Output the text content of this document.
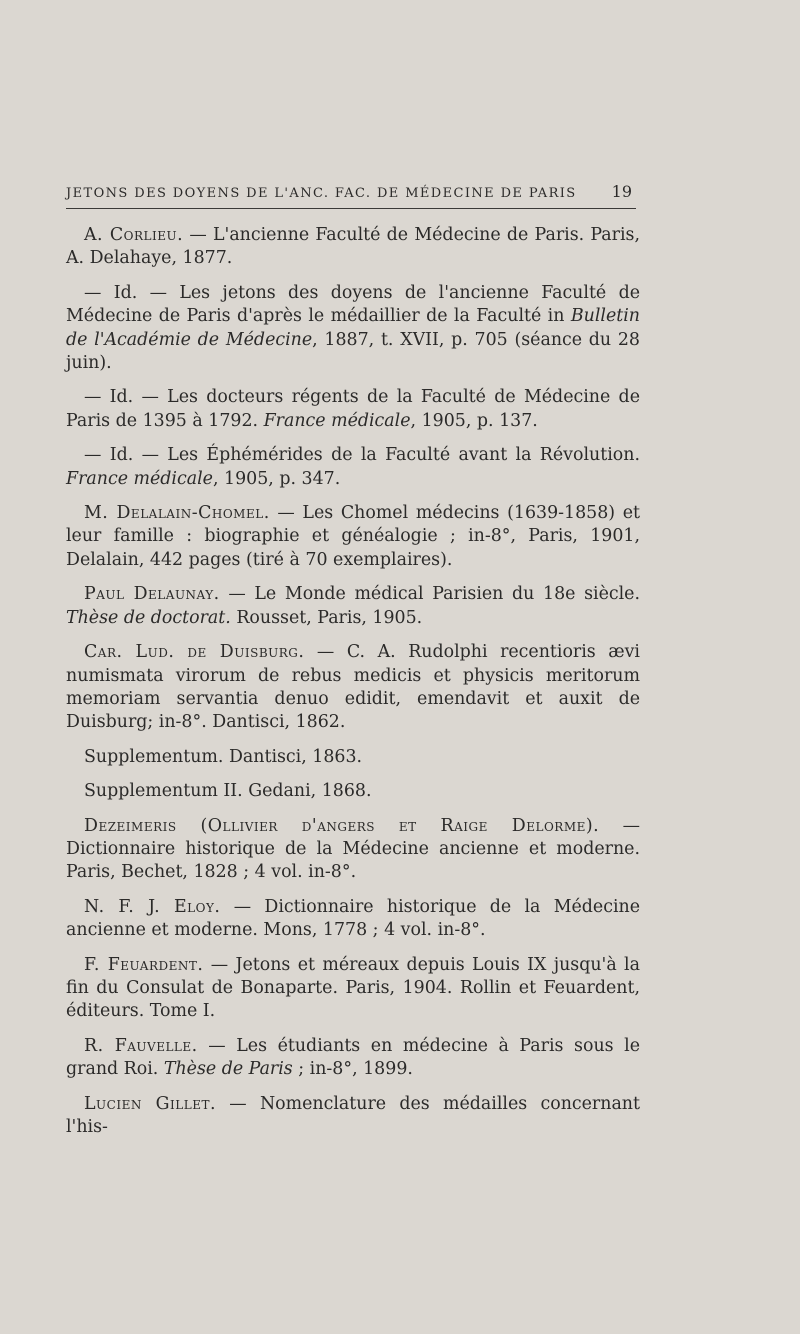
JETONS DES DOYENS DE L'ANC. FAC. DE MÉDECINE DE PARIS 19

A. Corlieu. — L'ancienne Faculté de Médecine de Paris. Paris, A. Delahaye, 1877.

— Id. — Les jetons des doyens de l'ancienne Faculté de Médecine de Paris d'après le médaillier de la Faculté in Bulletin de l'Académie de Médecine, 1887, t. XVII, p. 705 (séance du 28 juin).

— Id. — Les docteurs régents de la Faculté de Médecine de Paris de 1395 à 1792. France médicale, 1905, p. 137.

— Id. — Les Éphémérides de la Faculté avant la Révolution. France médicale, 1905, p. 347.

M. Delalain-Chomel. — Les Chomel médecins (1639-1858) et leur famille : biographie et généalogie ; in-8°, Paris, 1901, Delalain, 442 pages (tiré à 70 exemplaires).

Paul Delaunay. — Le Monde médical Parisien du 18e siècle. Thèse de doctorat. Rousset, Paris, 1905.

Car. Lud. de Duisburg. — C. A. Rudolphi recentioris ævi numismata virorum de rebus medicis et physicis meritorum memoriam servantia denuo edidit, emendavit et auxit de Duisburg; in-8°. Dantisci, 1862.

Supplementum. Dantisci, 1863.

Supplementum II. Gedani, 1868.

Dezeimeris (Ollivier d'angers et Raige Delorme). — Dictionnaire historique de la Médecine ancienne et moderne. Paris, Bechet, 1828 ; 4 vol. in-8°.

N. F. J. Eloy. — Dictionnaire historique de la Médecine ancienne et moderne. Mons, 1778 ; 4 vol. in-8°.

F. Feuardent. — Jetons et méreaux depuis Louis IX jusqu'à la fin du Consulat de Bonaparte. Paris, 1904. Rollin et Feuardent, éditeurs. Tome I.

R. Fauvelle. — Les étudiants en médecine à Paris sous le grand Roi. Thèse de Paris ; in-8°, 1899.

Lucien Gillet. — Nomenclature des médailles concernant l'his-
